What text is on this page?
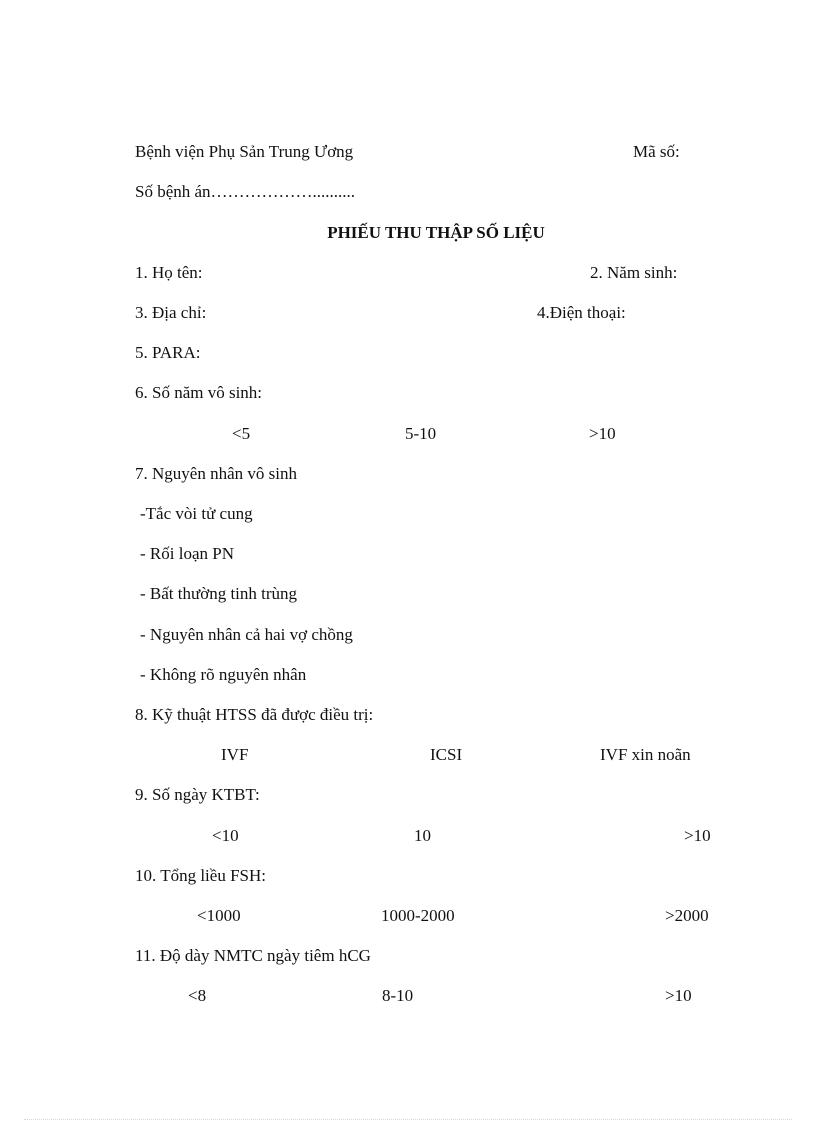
Bệnh viện Phụ Sản Trung Ương	Mã số:
Số bệnh án………………..........
PHIẾU THU THẬP SỐ LIỆU
1. Họ tên:	2. Năm sinh:
3. Địa chỉ:	4.Điện thoại:
5. PARA:
6. Số năm vô sinh:
<5	5-10	>10
7. Nguyên nhân vô sinh
-Tắc vòi tử cung
- Rối loạn PN
- Bất thường tinh trùng
- Nguyên nhân cả hai vợ chồng
- Không rõ nguyên nhân
8. Kỹ thuật HTSS đã được điều trị:
IVF	ICSI	IVF xin noãn
9. Số ngày KTBT:
<10	10	>10
10. Tổng liều FSH:
<1000	1000-2000	>2000
11. Độ dày NMTC ngày tiêm hCG
<8	8-10	>10
